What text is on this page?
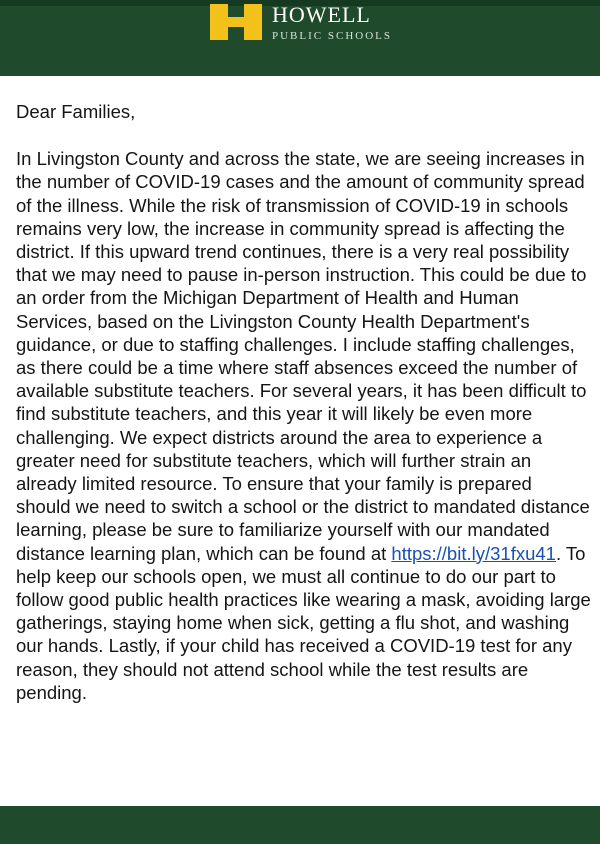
HOWELL
PUBLIC SCHOOLS

Dear Families,

In Livingston County and across the state, we are seeing increases in the number of COVID-19 cases and the amount of community spread of the illness. While the risk of transmission of COVID-19 in schools remains very low, the increase in community spread is affecting the district. If this upward trend continues, there is a very real possibility that we may need to pause in-person instruction. This could be due to an order from the Michigan Department of Health and Human Services, based on the Livingston County Health Department's guidance, or due to staffing challenges. I include staffing challenges, as there could be a time where staff absences exceed the number of available substitute teachers. For several years, it has been difficult to find substitute teachers, and this year it will likely be even more challenging. We expect districts around the area to experience a greater need for substitute teachers, which will further strain an already limited resource. To ensure that your family is prepared should we need to switch a school or the district to mandated distance learning, please be sure to familiarize yourself with our mandated distance learning plan, which can be found at https://bit.ly/31fxu41. To help keep our schools open, we must all continue to do our part to follow good public health practices like wearing a mask, avoiding large gatherings, staying home when sick, getting a flu shot, and washing our hands. Lastly, if your child has received a COVID-19 test for any reason, they should not attend school while the test results are pending.
